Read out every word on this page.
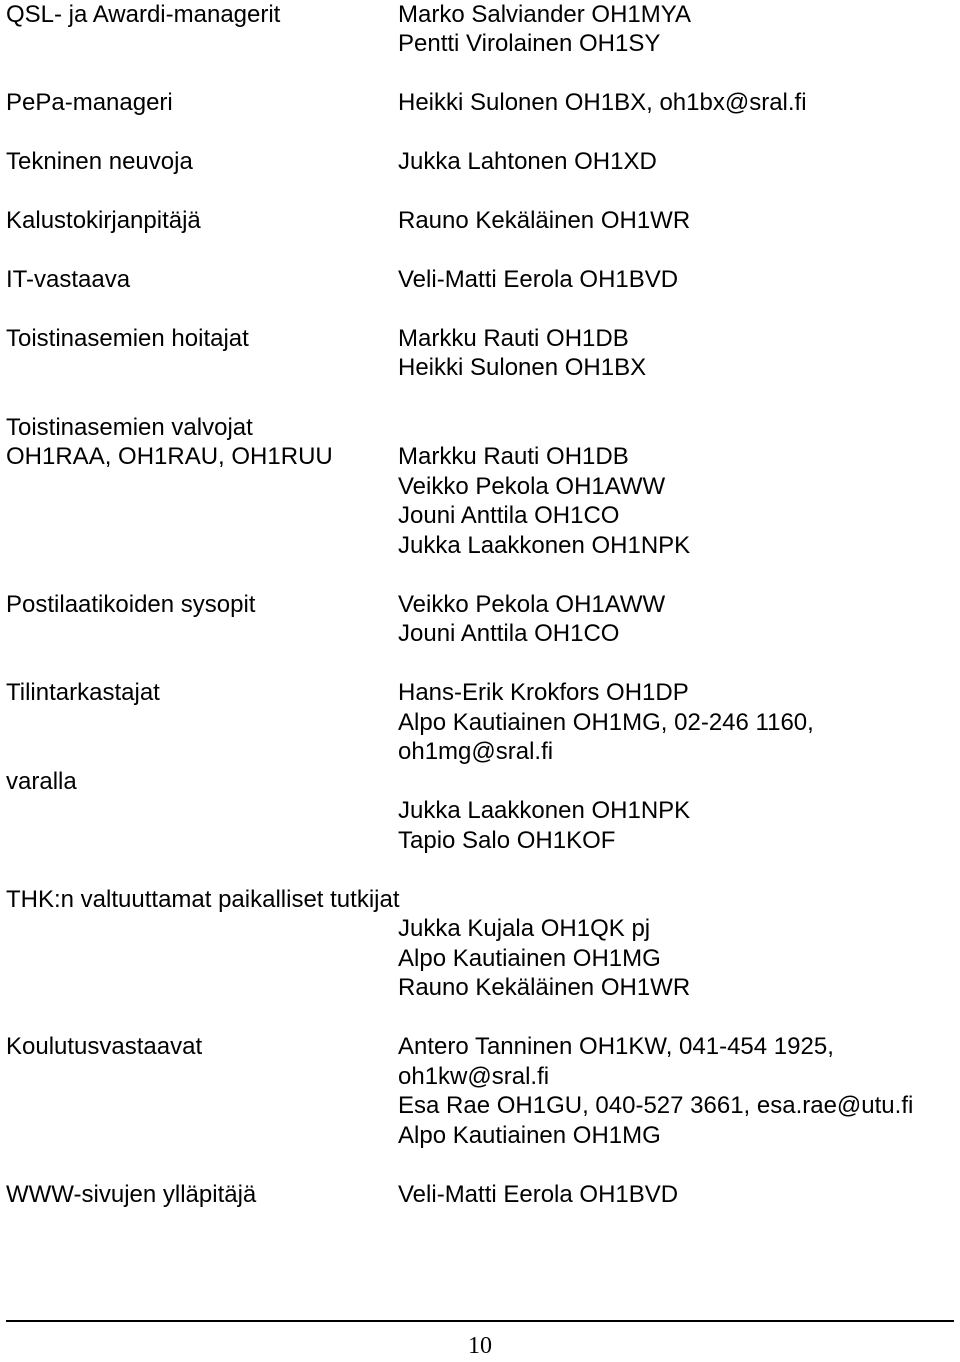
QSL- ja Awardi-managerit
PePa-manageri
Tekninen neuvoja
Kalustokirjanpitäjä
IT-vastaava
Toistinasemien hoitajat
Toistinasemien valvojat
OH1RAA, OH1RAU, OH1RUU
Postilaatikoiden sysopit
Tilintarkastajat
varalla
THK:n valtuuttamat paikalliset tutkijat
Koulutusvastaavat
WWW-sivujen ylläpitäjä
Marko Salviander OH1MYA
Pentti Virolainen OH1SY
Heikki Sulonen OH1BX, oh1bx@sral.fi
Jukka Lahtonen OH1XD
Rauno Kekäläinen OH1WR
Veli-Matti Eerola OH1BVD
Markku Rauti OH1DB
Heikki Sulonen OH1BX
Markku Rauti OH1DB
Veikko Pekola OH1AWW
Jouni Anttila OH1CO
Jukka Laakkonen OH1NPK
Veikko Pekola OH1AWW
Jouni Anttila OH1CO
Hans-Erik Krokfors OH1DP
Alpo Kautiainen OH1MG, 02-246 1160,
oh1mg@sral.fi
Jukka Laakkonen OH1NPK
Tapio Salo OH1KOF
Jukka Kujala OH1QK pj
Alpo Kautiainen OH1MG
Rauno Kekäläinen OH1WR
Antero Tanninen OH1KW, 041-454 1925,
oh1kw@sral.fi
Esa Rae OH1GU, 040-527 3661, esa.rae@utu.fi
Alpo Kautiainen OH1MG
Veli-Matti Eerola OH1BVD
10
